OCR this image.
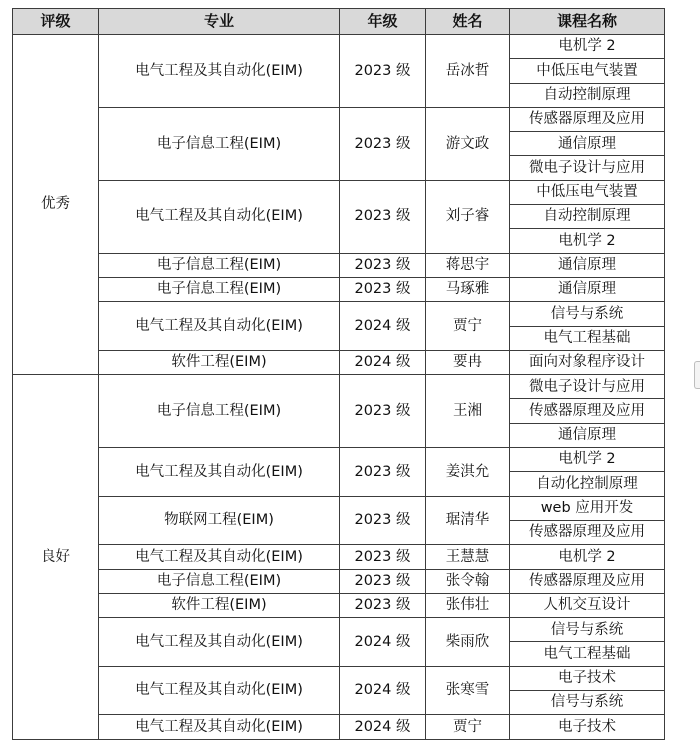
评级	专业	年级	姓名	课程名称
优秀	电气工程及其自动化(EIM)	2023 级	岳冰哲	电机学 2
				中低压电气装置
				自动控制原理
	电子信息工程(EIM)	2023 级	游文政	传感器原理及应用
				通信原理
				微电子设计与应用
	电气工程及其自动化(EIM)	2023 级	刘子睿	中低压电气装置
				自动控制原理
				电机学 2
	电子信息工程(EIM)	2023 级	蒋思宇	通信原理
	电子信息工程(EIM)	2023 级	马琢雅	通信原理
	电气工程及其自动化(EIM)	2024 级	贾宁	信号与系统
				电气工程基础
	软件工程(EIM)	2024 级	要冉	面向对象程序设计
良好	电子信息工程(EIM)	2023 级	王湘	微电子设计与应用
				传感器原理及应用
				通信原理
	电气工程及其自动化(EIM)	2023 级	姜淇允	电机学 2
				自动化控制原理
	物联网工程(EIM)	2023 级	琚清华	web 应用开发
				传感器原理及应用
	电气工程及其自动化(EIM)	2023 级	王慧慧	电机学 2
	电子信息工程(EIM)	2023 级	张令翰	传感器原理及应用
	软件工程(EIM)	2023 级	张伟壮	人机交互设计
	电气工程及其自动化(EIM)	2024 级	柴雨欣	信号与系统
				电气工程基础
	电气工程及其自动化(EIM)	2024 级	张寒雪	电子技术
				信号与系统
	电气工程及其自动化(EIM)	2024 级	贾宁	电子技术
